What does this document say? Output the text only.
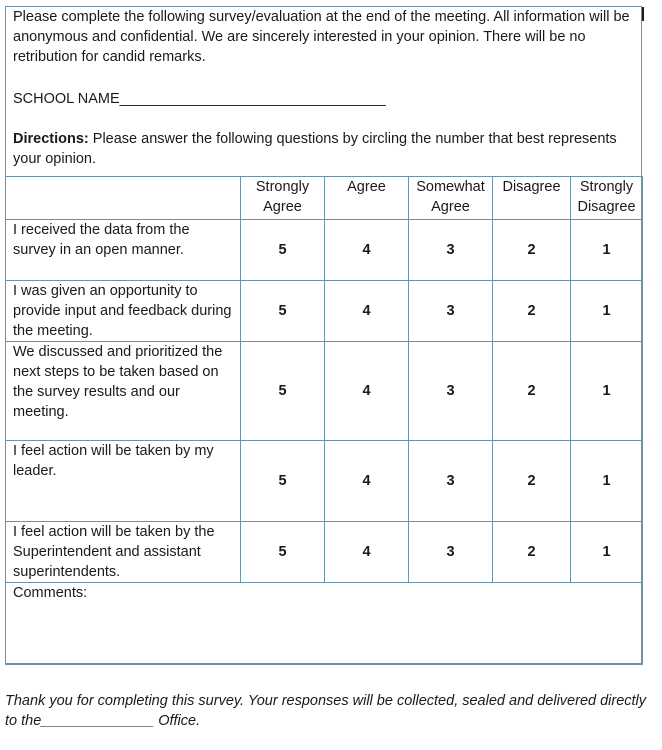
Please complete the following survey/evaluation at the end of the meeting. All information will be anonymous and confidential. We are sincerely interested in your opinion. There will be no retribution for candid remarks.
SCHOOL NAME_________________________________
Directions: Please answer the following questions by circling the number that best represents your opinion.
	Strongly Agree	Agree	Somewhat Agree	Disagree	Strongly Disagree
I received the data from the survey in an open manner.	5	4	3	2	1
I was given an opportunity to provide input and feedback during the meeting.	5	4	3	2	1
We discussed and prioritized the next steps to be taken based on the survey results and our meeting.	5	4	3	2	1
I feel action will be taken by my leader.	5	4	3	2	1
I feel action will be taken by the Superintendent and assistant superintendents.	5	4	3	2	1
Comments:					
Thank you for completing this survey. Your responses will be collected, sealed and delivered directly to the______________ Office.
